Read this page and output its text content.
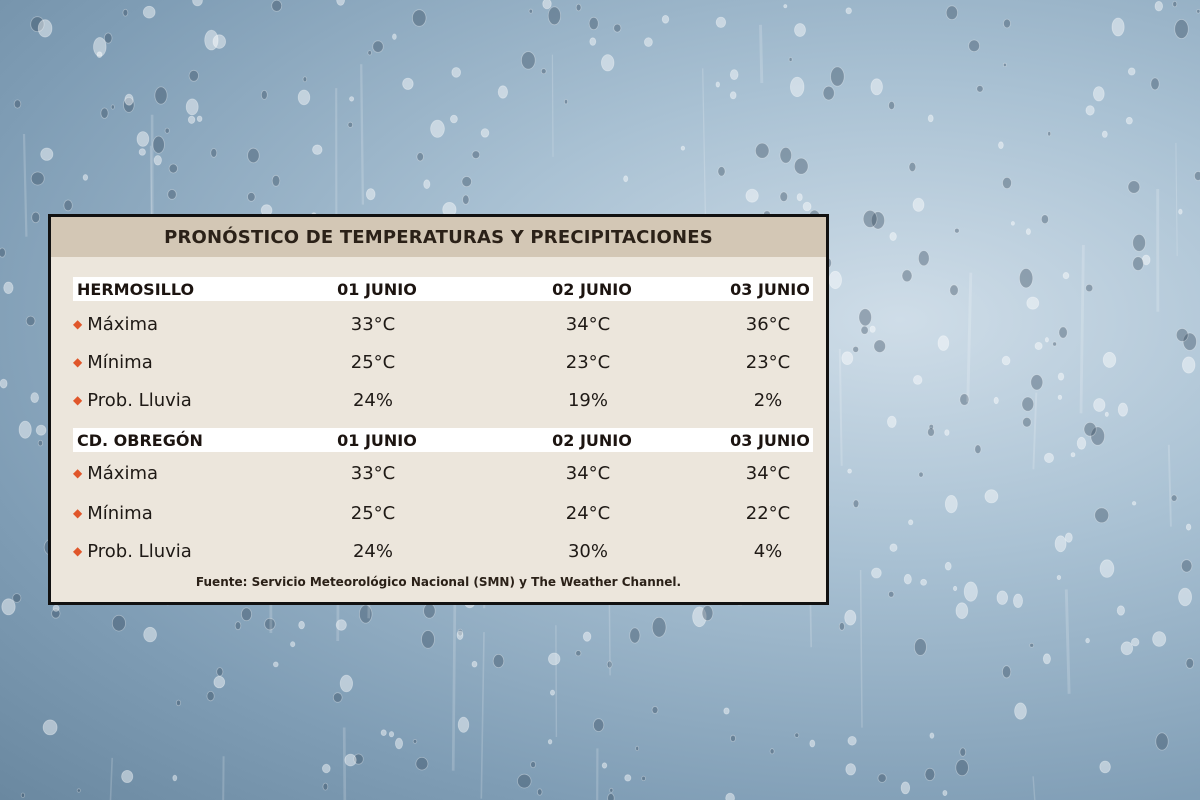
PRONÓSTICO DE TEMPERATURAS Y PRECIPITACIONES
HERMOSILLO	01 JUNIO	02 JUNIO	03 JUNIO
◆ Máxima	33°C	34°C	36°C
◆ Mínima	25°C	23°C	23°C
◆ Prob. Lluvia	24%	19%	2%
CD. OBREGÓN	01 JUNIO	02 JUNIO	03 JUNIO
◆ Máxima	33°C	34°C	34°C
◆ Mínima	25°C	24°C	22°C
◆ Prob. Lluvia	24%	30%	4%
Fuente: Servicio Meteorológico Nacional (SMN) y The Weather Channel.
